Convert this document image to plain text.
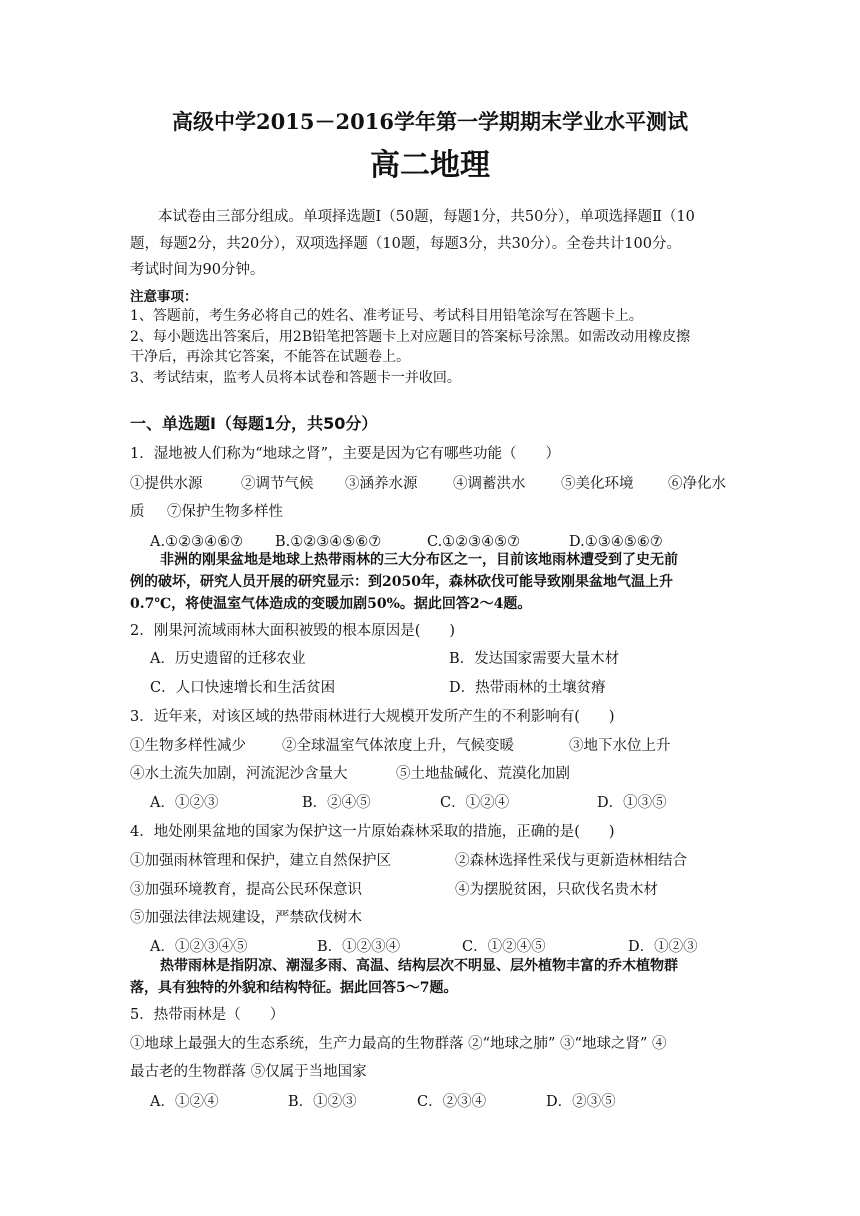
高级中学2015－2016学年第一学期期末学业水平测试
高二地理
本试卷由三部分组成。单项择选题Ⅰ（50题，每题1分，共50分），单项选择题Ⅱ（10
题，每题2分，共20分），双项选择题（10题，每题3分，共30分）。全卷共计100分。
考试时间为90分钟。
注意事项：
1、答题前，考生务必将自己的姓名、准考证号、考试科目用铅笔涂写在答题卡上。
2、每小题选出答案后，用2B铅笔把答题卡上对应题目的答案标号涂黑。如需改动用橡皮擦
干净后，再涂其它答案，不能答在试题卷上。
3、考试结束，监考人员将本试卷和答题卡一并收回。
一、单选题Ⅰ（每题1分，共50分）
1．湿地被人们称为“地球之肾”，主要是因为它有哪些功能（　　）
①提供水源	②调节气候 ③涵养水源 ④调蓄洪水 ⑤美化环境 ⑥净化水
质 ⑦保护生物多样性
A.①②③④⑥⑦ B.①②③④⑤⑥⑦	C.①②③④⑤⑦	D.①③④⑤⑥⑦
非洲的刚果盆地是地球上热带雨林的三大分布区之一，目前该地雨林遭受到了史无前
例的破坏，研究人员开展的研究显示：到2050年，森林砍伐可能导致刚果盆地气温上升
0.7℃，将使温室气体造成的变暖加剧50%。据此回答2～4题。
2．刚果河流域雨林大面积被毁的根本原因是(　　)
A．历史遗留的迁移农业	B．发达国家需要大量木材
C．人口快速增长和生活贫困	D．热带雨林的土壤贫瘠
3．近年来，对该区域的热带雨林进行大规模开发所产生的不利影响有(　　)
①生物多样性减少 ②全球温室气体浓度上升，气候变暖	③地下水位上升
④水土流失加剧，河流泥沙含量大	⑤土地盐碱化、荒漠化加剧
A．①②③	B．②④⑤	C．①②④	D．①③⑤
4．地处刚果盆地的国家为保护这一片原始森林采取的措施，正确的是(　　)
①加强雨林管理和保护，建立自然保护区	②森林选择性采伐与更新造林相结合
③加强环境教育，提高公民环保意识	④为摆脱贫困，只砍伐名贵木材
⑤加强法律法规建设，严禁砍伐树木
A．①②③④⑤	B．①②③④	C．①②④⑤	D．①②③
热带雨林是指阴凉、潮湿多雨、高温、结构层次不明显、层外植物丰富的乔木植物群
落，具有独特的外貌和结构特征。据此回答5～7题。
5．热带雨林是（　　）
①地球上最强大的生态系统，生产力最高的生物群落 ②“地球之肺” ③“地球之肾” ④
最古老的生物群落 ⑤仅属于当地国家
A．①②④	B．①②③	C．②③④	D．②③⑤
